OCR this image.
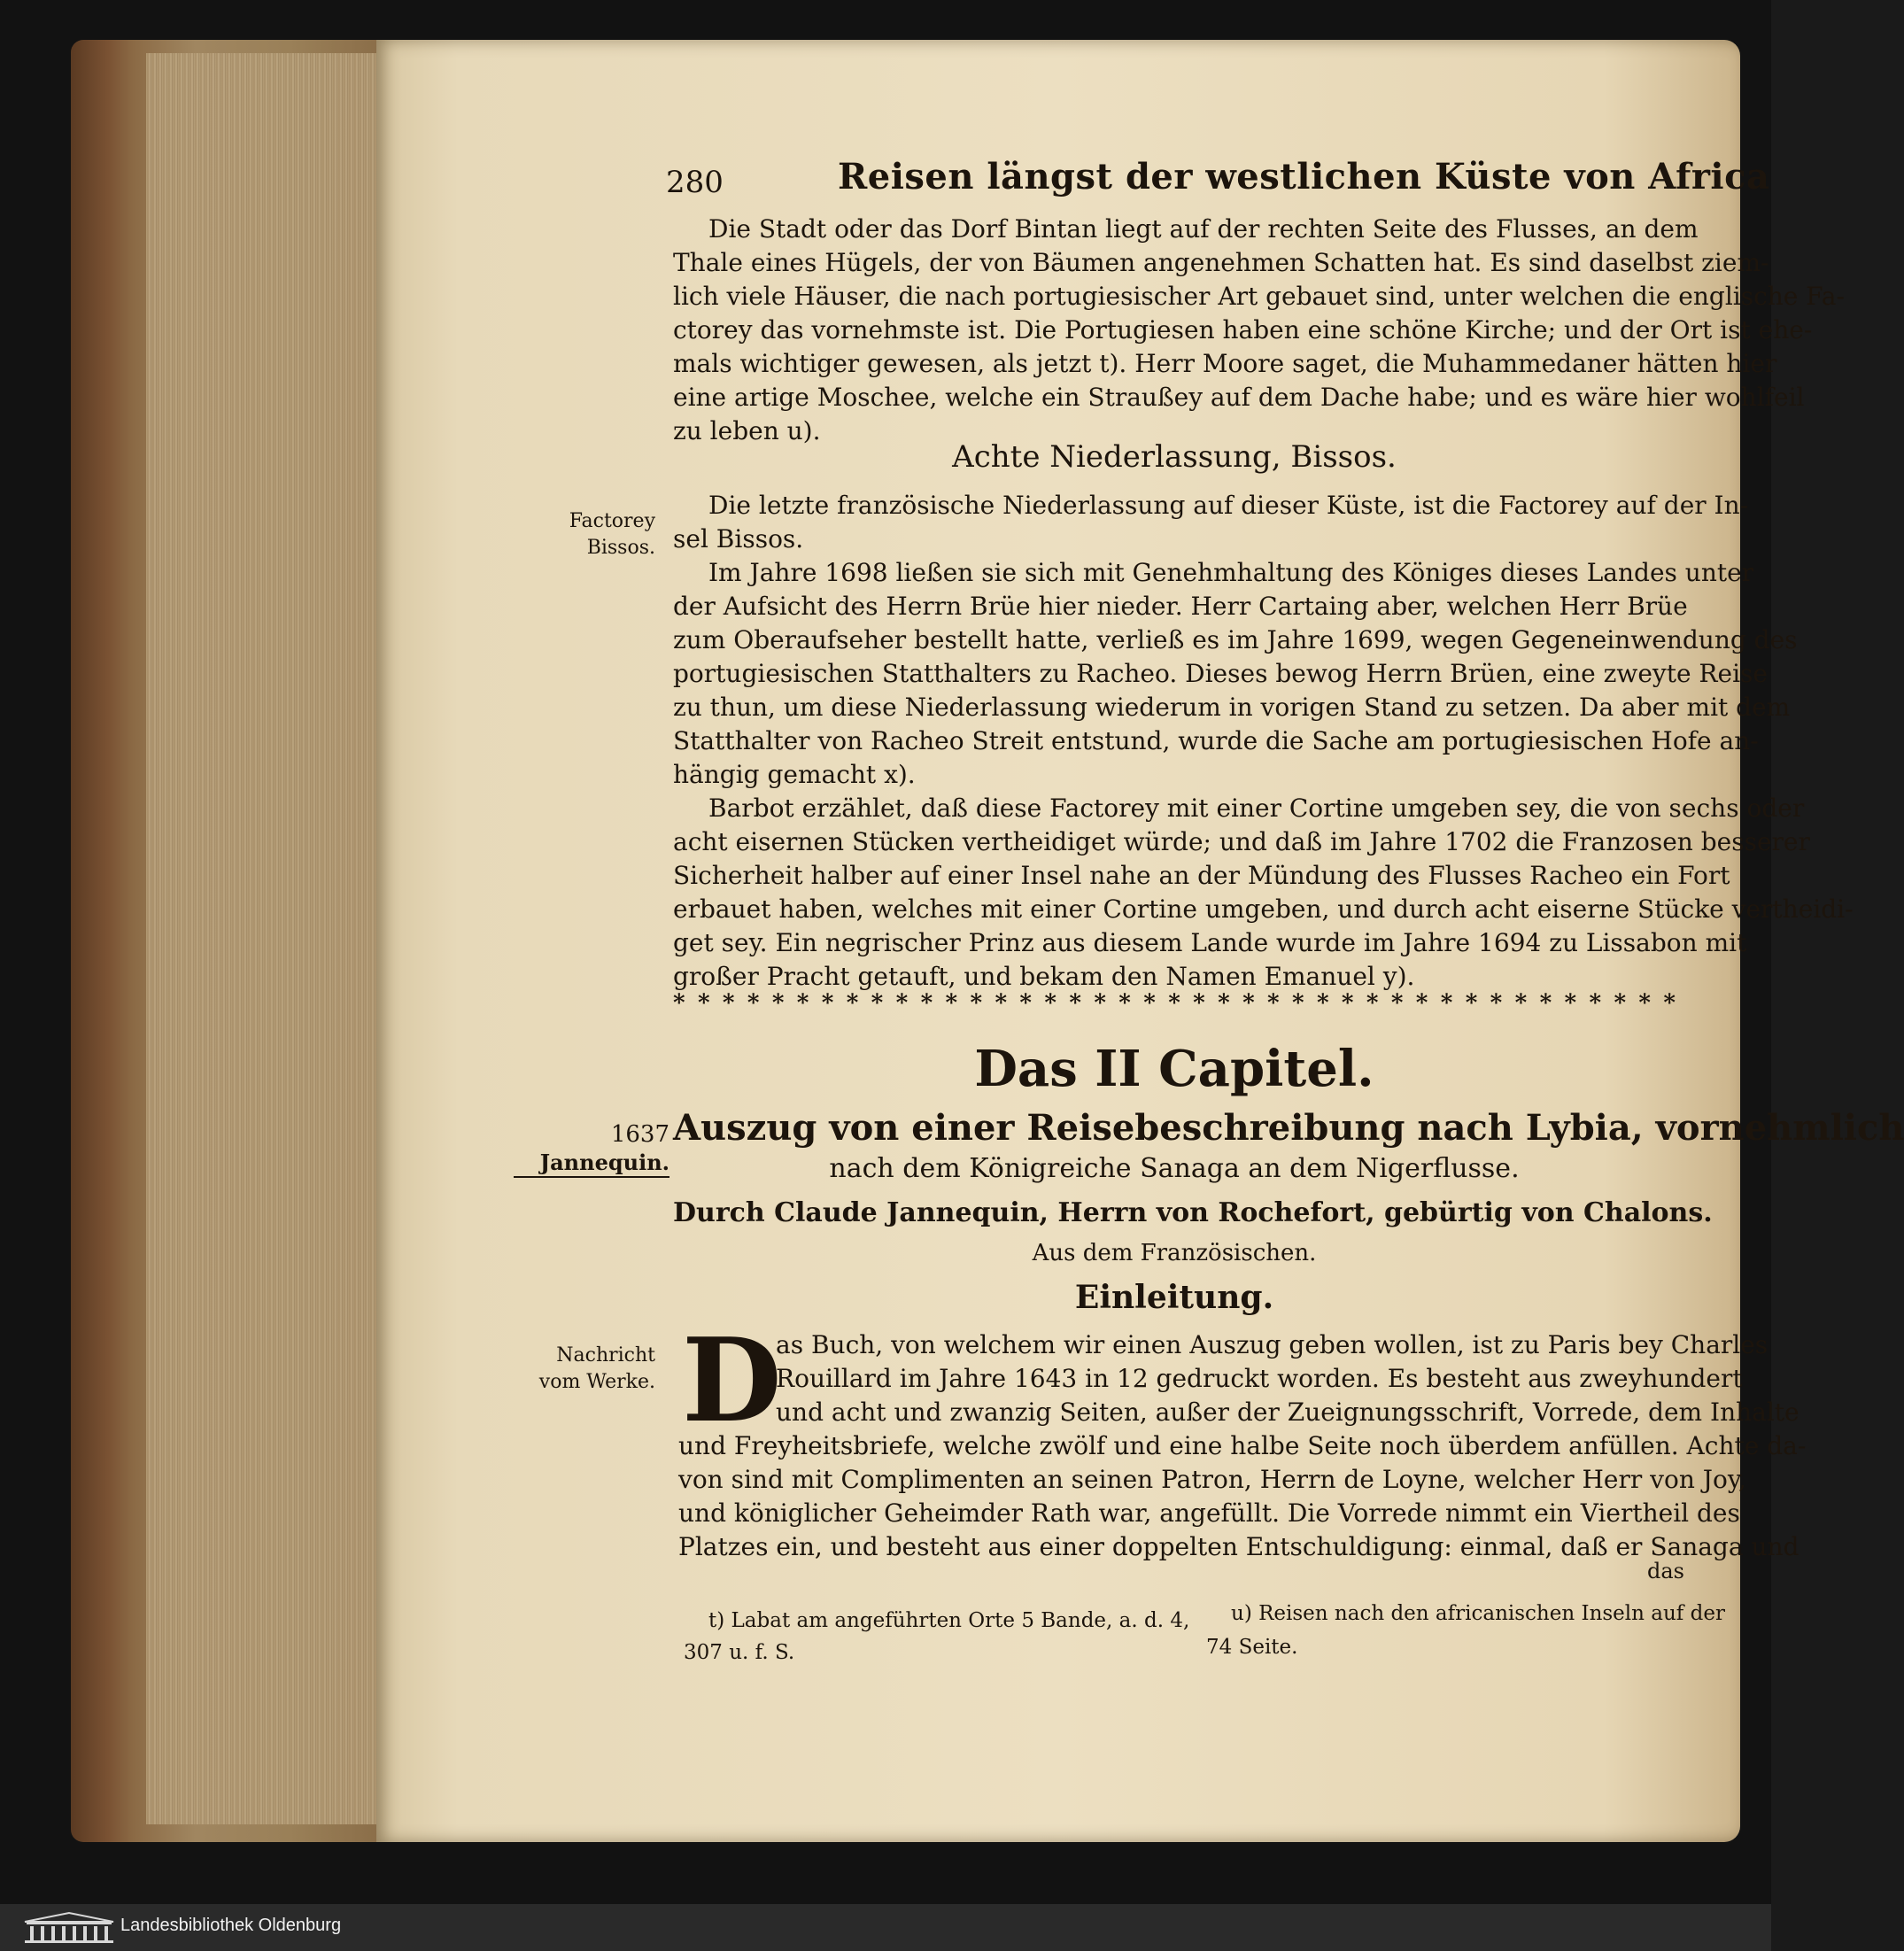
280	Reisen längst der westlichen Küste von Africa
Die Stadt oder das Dorf Bintan liegt auf der rechten Seite des Flusses, an dem
Thale eines Hügels, der von Bäumen angenehmen Schatten hat. Es sind daselbst ziem-
lich viele Häuser, die nach portugiesischer Art gebauet sind, unter welchen die englische Fa-
ctorey das vornehmste ist. Die Portugiesen haben eine schöne Kirche; und der Ort ist ehe-
mals wichtiger gewesen, als jetzt t). Herr Moore saget, die Muhammedaner hätten hier
eine artige Moschee, welche ein Straußey auf dem Dache habe; und es wäre hier wohlfeil
zu leben u).
Achte Niederlassung, Bissos.
Factorey
Bissos.
Die letzte französische Niederlassung auf dieser Küste, ist die Factorey auf der In-
sel Bissos.
Im Jahre 1698 ließen sie sich mit Genehmhaltung des Königes dieses Landes unter
der Aufsicht des Herrn Brüe hier nieder. Herr Cartaing aber, welchen Herr Brüe
zum Oberaufseher bestellt hatte, verließ es im Jahre 1699, wegen Gegeneinwendung des
portugiesischen Statthalters zu Racheo. Dieses bewog Herrn Brüen, eine zweyte Reise
zu thun, um diese Niederlassung wiederum in vorigen Stand zu setzen. Da aber mit dem
Statthalter von Racheo Streit entstund, wurde die Sache am portugiesischen Hofe an-
hängig gemacht x).
Barbot erzählet, daß diese Factorey mit einer Cortine umgeben sey, die von sechs oder
acht eisernen Stücken vertheidiget würde; und daß im Jahre 1702 die Franzosen besserer
Sicherheit halber auf einer Insel nahe an der Mündung des Flusses Racheo ein Fort
erbauet haben, welches mit einer Cortine umgeben, und durch acht eiserne Stücke vertheidi-
get sey. Ein negrischer Prinz aus diesem Lande wurde im Jahre 1694 zu Lissabon mit
großer Pracht getauft, und bekam den Namen Emanuel y).
* * * * * * * * * * * * * * * * * * * * * * * * * * * * * * * * * * * * * * * * *
Das II Capitel.
1637
Jannequin.
Auszug von einer Reisebeschreibung nach Lybia, vornehmlich
nach dem Königreiche Sanaga an dem Nigerflusse.
Durch Claude Jannequin, Herrn von Rochefort, gebürtig von Chalons.
Aus dem Französischen.
Einleitung.
Nachricht
vom Werke. D
as Buch, von welchem wir einen Auszug geben wollen, ist zu Paris bey Charles
Rouillard im Jahre 1643 in 12 gedruckt worden. Es besteht aus zweyhundert
und acht und zwanzig Seiten, außer der Zueignungsschrift, Vorrede, dem Inhalte
und Freyheitsbriefe, welche zwölf und eine halbe Seite noch überdem anfüllen. Achte da-
von sind mit Complimenten an seinen Patron, Herrn de Loyne, welcher Herr von Joy,
und königlicher Geheimder Rath war, angefüllt. Die Vorrede nimmt ein Viertheil des
Platzes ein, und besteht aus einer doppelten Entschuldigung: einmal, daß er Sanaga und
das
t) Labat am angeführten Orte 5 Bande, a. d. 4,
307 u. f. S.
u) Reisen nach den africanischen Inseln auf der
74 Seite.
Landesbibliothek Oldenburg
